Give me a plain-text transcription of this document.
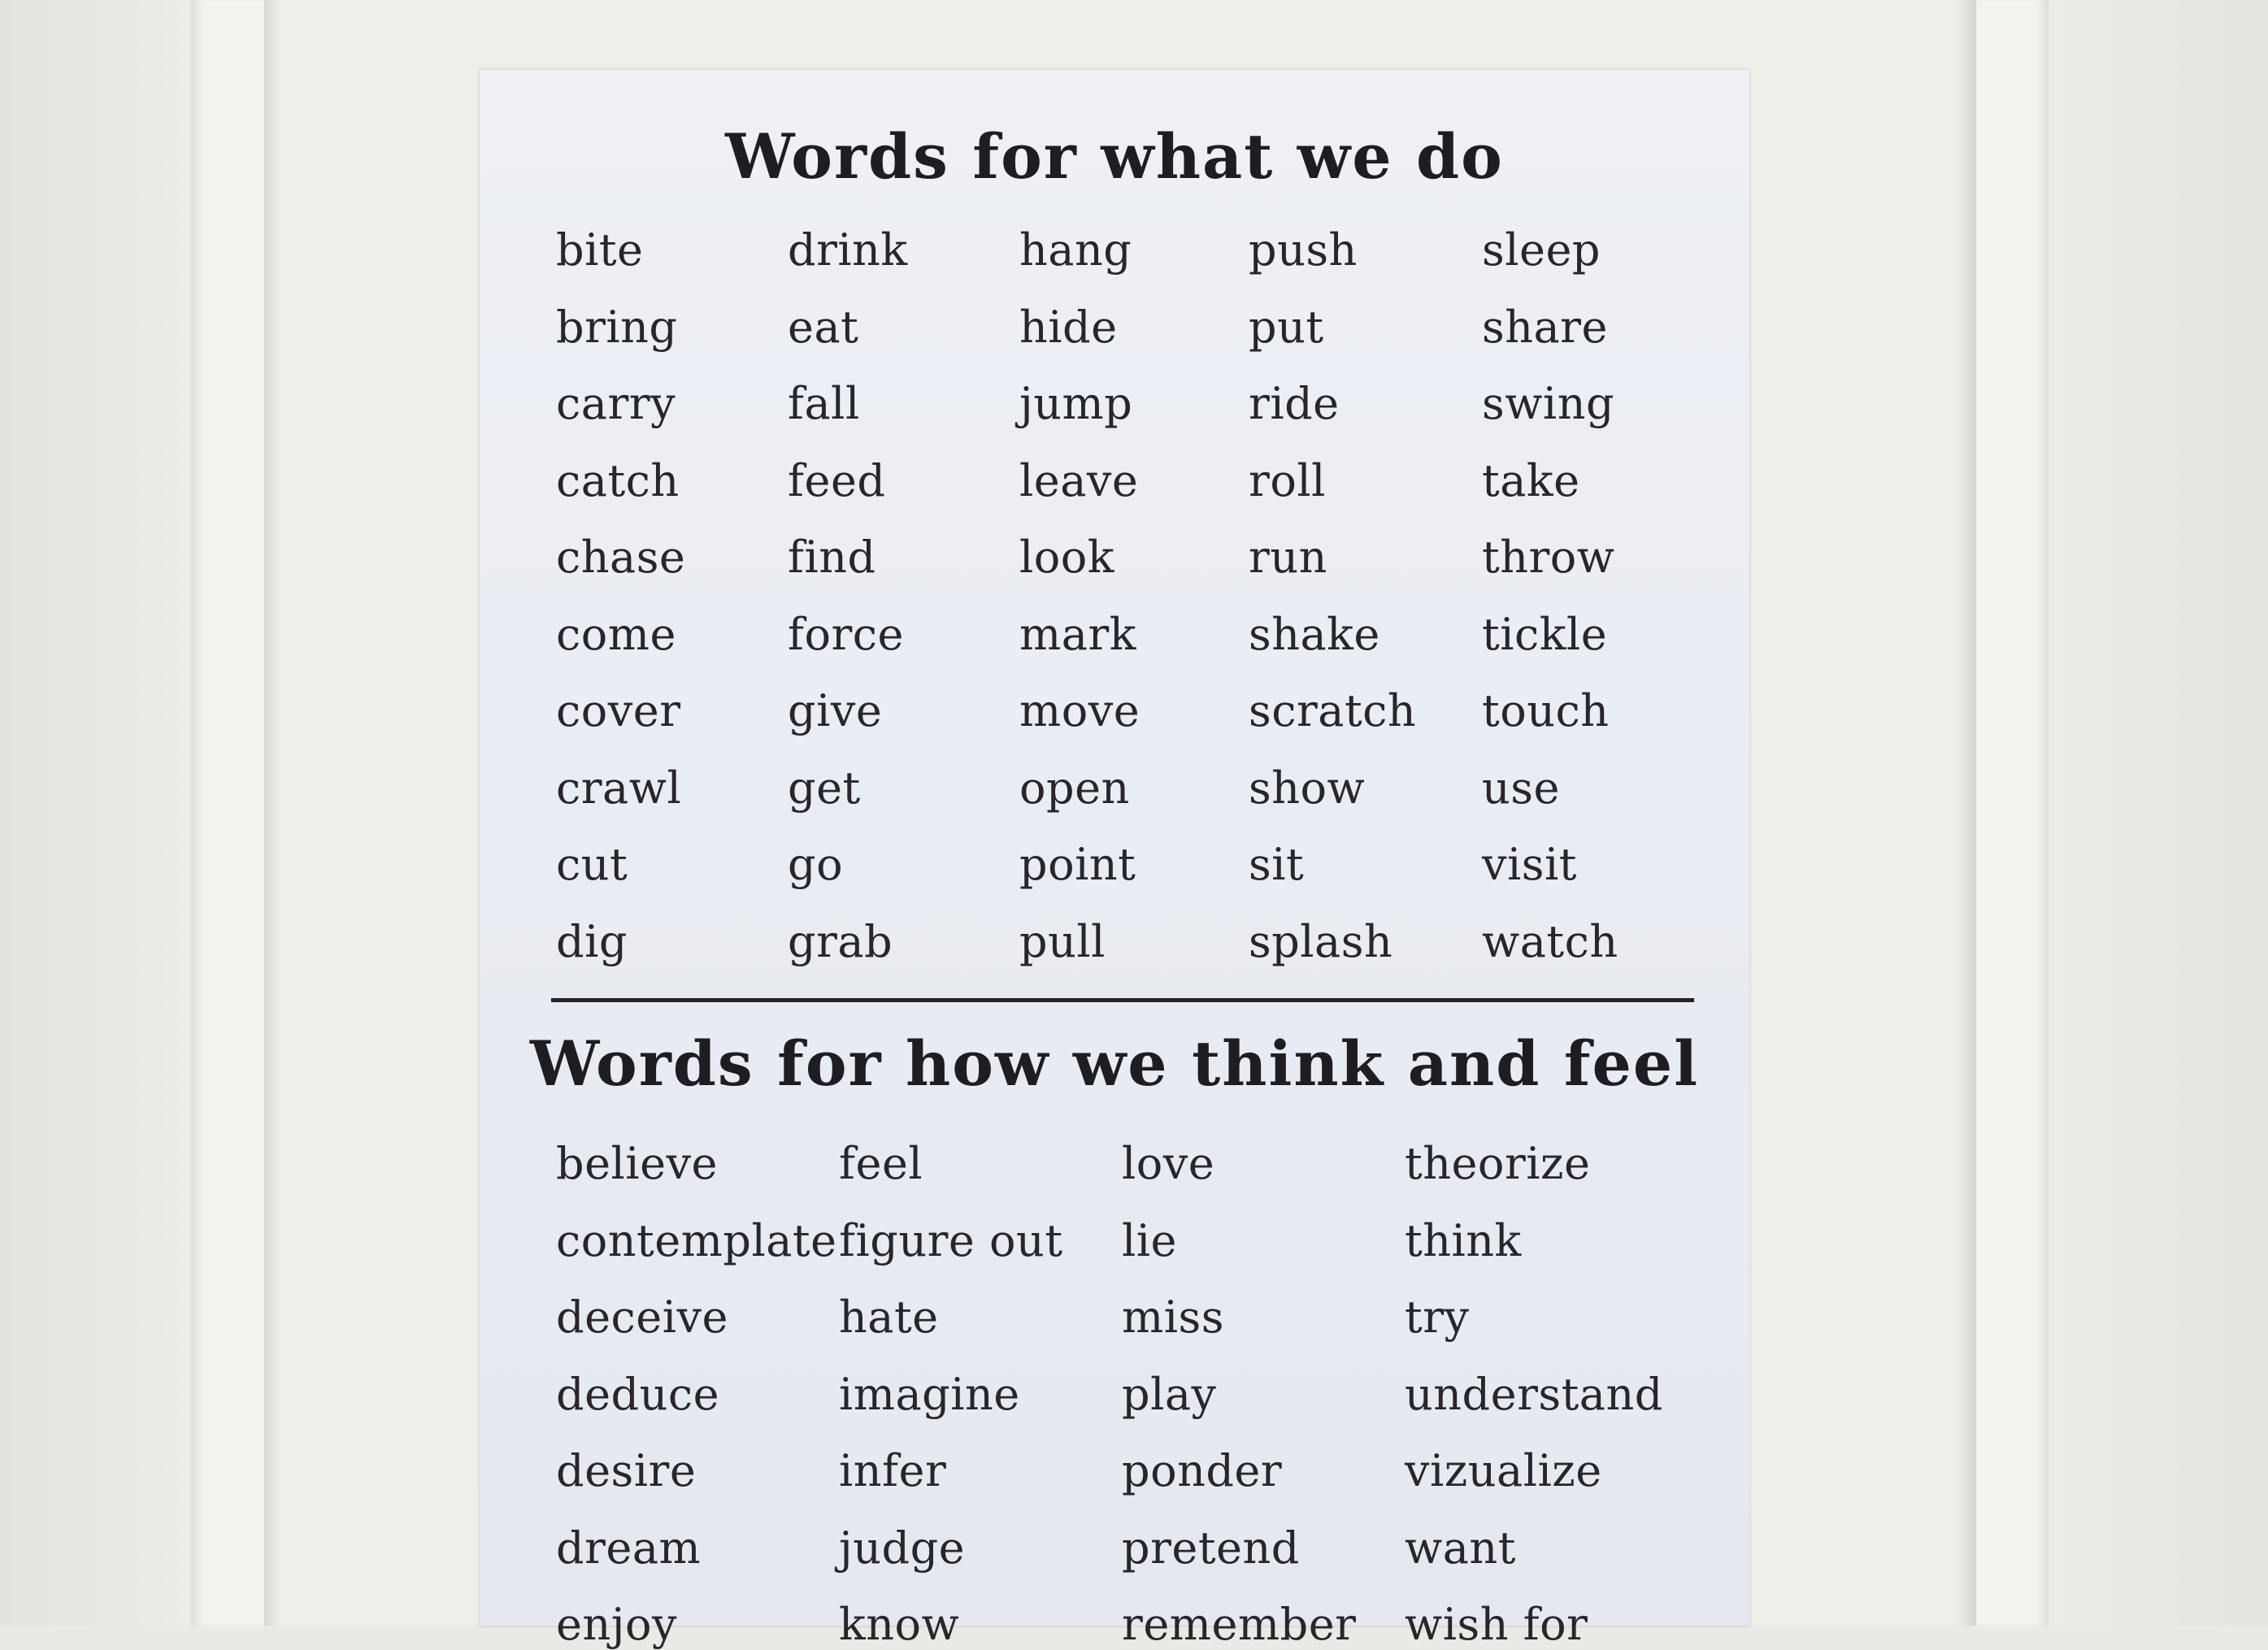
Words for what we do
bite
bring
carry
catch
chase
come
cover
crawl
cut
dig
drink
eat
fall
feed
find
force
give
get
go
grab
hang
hide
jump
leave
look
mark
move
open
point
pull
push
put
ride
roll
run
shake
scratch
show
sit
splash
sleep
share
swing
take
throw
tickle
touch
use
visit
watch
Words for how we think and feel
believe
contemplate
deceive
deduce
desire
dream
enjoy
feel
figure out
hate
imagine
infer
judge
know
love
lie
miss
play
ponder
pretend
remember
theorize
think
try
understand
vizualize
want
wish for
